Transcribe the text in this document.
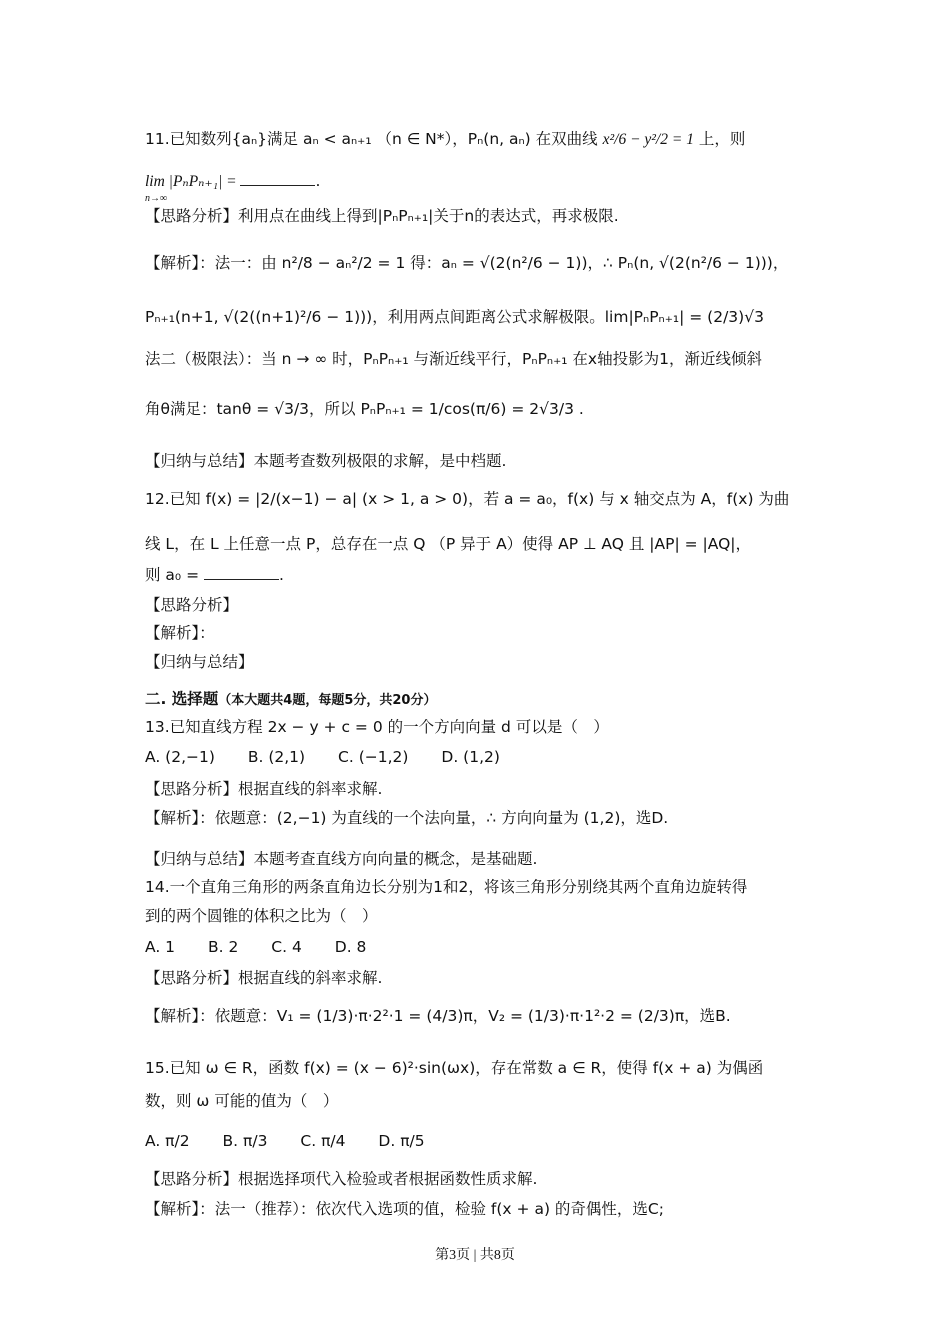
11.已知数列{aₙ}满足 aₙ < aₙ₊₁ （n ∈ N*），Pₙ(n, aₙ) 在双曲线 x²/6 − y²/2 = 1 上，则
lim |PₙPₙ₊₁| =	.
n→∞
【思路分析】利用点在曲线上得到|PₙPₙ₊₁|关于n的表达式，再求极限.
【解析】：法一：由 n²/8 − aₙ²/2 = 1 得：aₙ = √(2(n²/6 − 1))，∴ Pₙ(n, √(2(n²/6 − 1)))，
Pₙ₊₁(n+1, √(2((n+1)²/6 − 1)))，利用两点间距离公式求解极限。lim|PₙPₙ₊₁| = (2/3)√3
法二（极限法）：当 n → ∞ 时，PₙPₙ₊₁ 与渐近线平行，PₙPₙ₊₁ 在x轴投影为1，渐近线倾斜
角θ满足：tanθ = √3/3，所以 PₙPₙ₊₁ = 1/cos(π/6) = 2√3/3 .
【归纳与总结】本题考查数列极限的求解，是中档题.
12.已知 f(x) = |2/(x−1) − a| (x > 1, a > 0)，若 a = a₀，f(x) 与 x 轴交点为 A，f(x) 为曲
线 L，在 L 上任意一点 P，总存在一点 Q （P 异于 A）使得 AP ⊥ AQ 且 |AP| = |AQ|，
则 a₀ =	.
【思路分析】
【解析】：
【归纳与总结】
二. 选择题（本大题共4题，每题5分，共20分）
13.已知直线方程 2x − y + c = 0 的一个方向向量 d 可以是（　）
A. (2,−1) B. (2,1) C. (−1,2) D. (1,2)
【思路分析】根据直线的斜率求解.
【解析】：依题意：(2,−1) 为直线的一个法向量，∴ 方向向量为 (1,2)，选D.
【归纳与总结】本题考查直线方向向量的概念，是基础题.
14.一个直角三角形的两条直角边长分别为1和2，将该三角形分别绕其两个直角边旋转得
到的两个圆锥的体积之比为（　）
A. 1 B. 2 C. 4 D. 8
【思路分析】根据直线的斜率求解.
【解析】：依题意：V₁ = (1/3)·π·2²·1 = (4/3)π，V₂ = (1/3)·π·1²·2 = (2/3)π，选B.
15.已知 ω ∈ R，函数 f(x) = (x − 6)²·sin(ωx)，存在常数 a ∈ R，使得 f(x + a) 为偶函
数，则 ω 可能的值为（　）
A. π/2 B. π/3 C. π/4 D. π/5
【思路分析】根据选择项代入检验或者根据函数性质求解.
【解析】：法一（推荐）：依次代入选项的值，检验 f(x + a) 的奇偶性，选C;
第3页 | 共8页
